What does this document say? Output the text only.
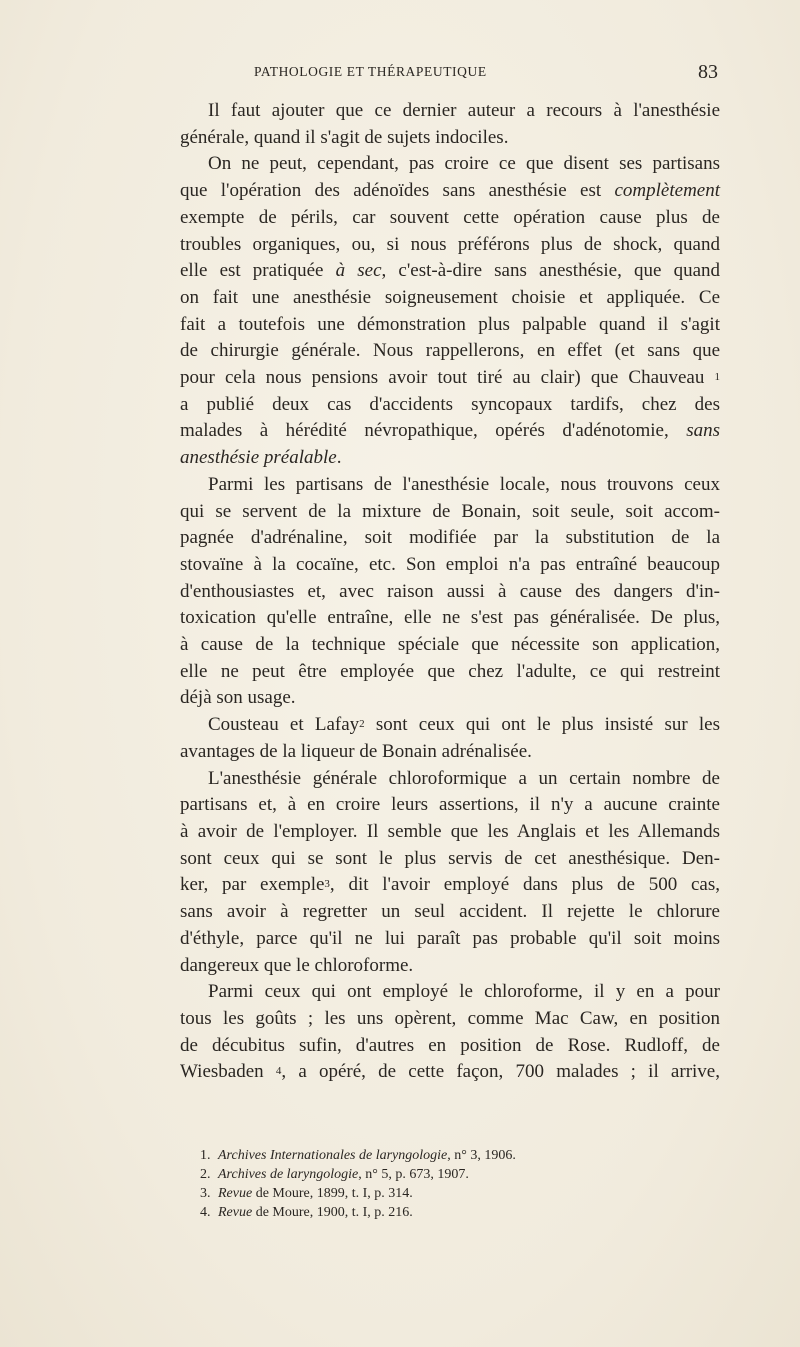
PATHOLOGIE ET THÉRAPEUTIQUE	83
Il faut ajouter que ce dernier auteur a recours à l'anesthésie
générale, quand il s'agit de sujets indociles.
On ne peut, cependant, pas croire ce que disent ses partisans
que l'opération des adénoïdes sans anesthésie est complètement
exempte de périls, car souvent cette opération cause plus de
troubles organiques, ou, si nous préférons plus de shock, quand
elle est pratiquée à sec, c'est-à-dire sans anesthésie, que quand
on fait une anesthésie soigneusement choisie et appliquée. Ce
fait a toutefois une démonstration plus palpable quand il s'agit
de chirurgie générale. Nous rappellerons, en effet (et sans que
pour cela nous pensions avoir tout tiré au clair) que Chauveau $^1$
a publié deux cas d'accidents syncopaux tardifs, chez des
malades à hérédité névropathique, opérés d'adénotomie, sans
anesthésie préalable.
Parmi les partisans de l'anesthésie locale, nous trouvons ceux
qui se servent de la mixture de Bonain, soit seule, soit accom-
pagnée d'adrénaline, soit modifiée par la substitution de la
stovaïne à la cocaïne, etc. Son emploi n'a pas entraîné beaucoup
d'enthousiastes et, avec raison aussi à cause des dangers d'in-
toxication qu'elle entraîne, elle ne s'est pas généralisée. De plus,
à cause de la technique spéciale que nécessite son application,
elle ne peut être employée que chez l'adulte, ce qui restreint
déjà son usage.
Cousteau et Lafay$^2$ sont ceux qui ont le plus insisté sur les
avantages de la liqueur de Bonain adrénalisée.
L'anesthésie générale chloroformique a un certain nombre de
partisans et, à en croire leurs assertions, il n'y a aucune crainte
à avoir de l'employer. Il semble que les Anglais et les Allemands
sont ceux qui se sont le plus servis de cet anesthésique. Den-
ker, par exemple$^3$, dit l'avoir employé dans plus de 500 cas,
sans avoir à regretter un seul accident. Il rejette le chlorure
d'éthyle, parce qu'il ne lui paraît pas probable qu'il soit moins
dangereux que le chloroforme.
Parmi ceux qui ont employé le chloroforme, il y en a pour
tous les goûts ; les uns opèrent, comme Mac Caw, en position
de décubitus sufin, d'autres en position de Rose. Rudloff, de
Wiesbaden $^4$, a opéré, de cette façon, 700 malades ; il arrive,
1. Archives Internationales de laryngologie, n° 3, 1906.
2. Archives de laryngologie, n° 5, p. 673, 1907.
3. Revue de Moure, 1899, t. I, p. 314.
4. Revue de Moure, 1900, t. I, p. 216.
